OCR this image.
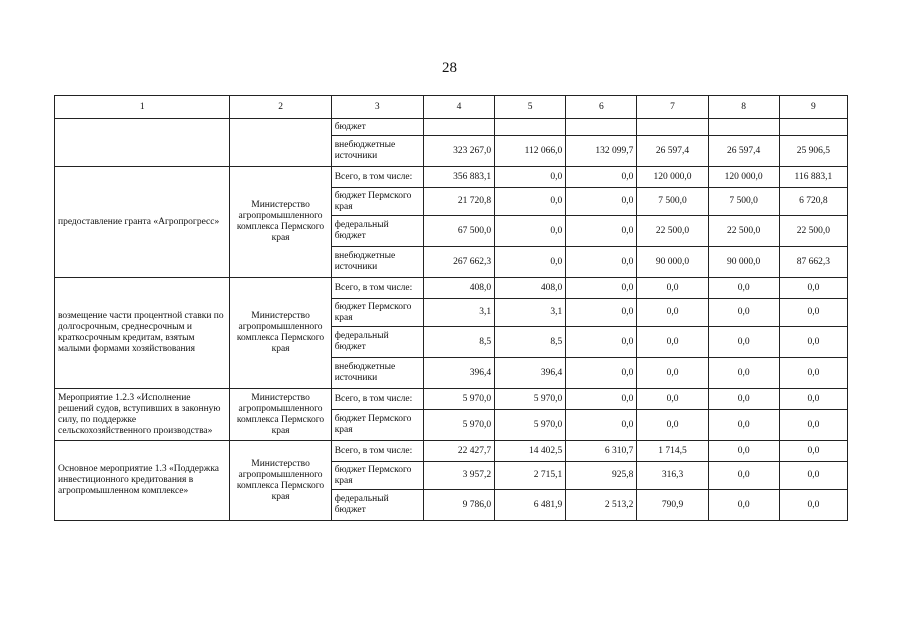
28
1	2	3	4	5	6	7	8	9
		бюджет						
		внебюджетные источники	323 267,0	112 066,0	132 099,7	26 597,4	26 597,4	25 906,5
предоставление гранта «Агропрогресс»	Министерство агропромышленного комплекса Пермского края	Всего, в том числе:	356 883,1	0,0	0,0	120 000,0	120 000,0	116 883,1
		бюджет Пермского края	21 720,8	0,0	0,0	7 500,0	7 500,0	6 720,8
		федеральный бюджет	67 500,0	0,0	0,0	22 500,0	22 500,0	22 500,0
		внебюджетные источники	267 662,3	0,0	0,0	90 000,0	90 000,0	87 662,3
возмещение части процентной ставки по долгосрочным, среднесрочным и краткосрочным кредитам, взятым малыми формами хозяйствования	Министерство агропромышленного комплекса Пермского края	Всего, в том числе:	408,0	408,0	0,0	0,0	0,0	0,0
		бюджет Пермского края	3,1	3,1	0,0	0,0	0,0	0,0
		федеральный бюджет	8,5	8,5	0,0	0,0	0,0	0,0
		внебюджетные источники	396,4	396,4	0,0	0,0	0,0	0,0
Мероприятие 1.2.3 «Исполнение решений судов, вступивших в законную силу, по поддержке сельскохозяйственного производства»	Министерство агропромышленного комплекса Пермского края	Всего, в том числе:	5 970,0	5 970,0	0,0	0,0	0,0	0,0
		бюджет Пермского края	5 970,0	5 970,0	0,0	0,0	0,0	0,0
Основное мероприятие 1.3 «Поддержка инвестиционного кредитования в агропромышленном комплексе»	Министерство агропромышленного комплекса Пермского края	Всего, в том числе:	22 427,7	14 402,5	6 310,7	1 714,5	0,0	0,0
		бюджет Пермского края	3 957,2	2 715,1	925,8	316,3	0,0	0,0
		федеральный бюджет	9 786,0	6 481,9	2 513,2	790,9	0,0	0,0
